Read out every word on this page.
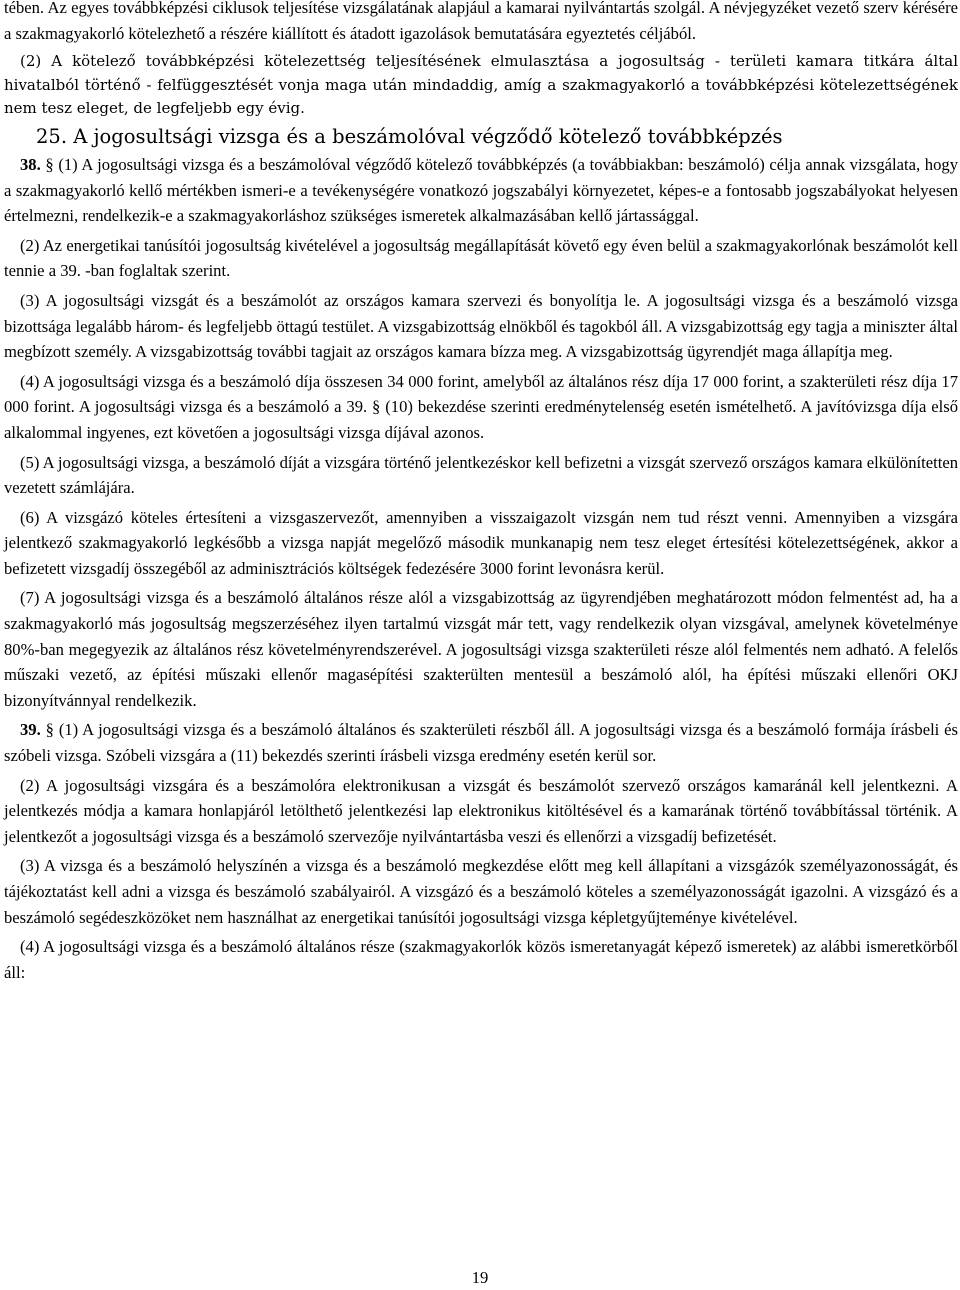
tében. Az egyes továbbképzési ciklusok teljesítése vizsgálatának alapjául a kamarai nyilvántartás szolgál. A névjegyzéket vezető szerv kérésére a szakmagyakorló kötelezhető a részére kiállított és átadott igazolások bemutatására egyeztetés céljából.

(2) A kötelező továbbképzési kötelezettség teljesítésének elmulasztása a jogosultság - területi kamara titkára által hivatalból történő - felfüggesztését vonja maga után mindaddig, amíg a szakmagyakorló a továbbképzési kötelezettségének nem tesz eleget, de legfeljebb egy évig.

25. A jogosultsági vizsga és a beszámolóval végződő kötelező továbbképzés

38. § (1) A jogosultsági vizsga és a beszámolóval végződő kötelező továbbképzés (a továbbiakban: beszámoló) célja annak vizsgálata, hogy a szakmagyakorló kellő mértékben ismeri-e a tevékenységére vonatkozó jogszabályi környezetet, képes-e a fontosabb jogszabályokat helyesen értelmezni, rendelkezik-e a szakmagyakorláshoz szükséges ismeretek alkalmazásában kellő jártassággal.

(2) Az energetikai tanúsítói jogosultság kivételével a jogosultság megállapítását követő egy éven belül a szakmagyakorlónak beszámolót kell tennie a 39. -ban foglaltak szerint.

(3) A jogosultsági vizsgát és a beszámolót az országos kamara szervezi és bonyolítja le. A jogosultsági vizsga és a beszámoló vizsga bizottsága legalább három- és legfeljebb öttagú testület. A vizsgabizottság elnökből és tagokból áll. A vizsgabizottság egy tagja a miniszter által megbízott személy. A vizsgabizottság további tagjait az országos kamara bízza meg. A vizsgabizottság ügyrendjét maga állapítja meg.

(4) A jogosultsági vizsga és a beszámoló díja összesen 34 000 forint, amelyből az általános rész díja 17 000 forint, a szakterületi rész díja 17 000 forint. A jogosultsági vizsga és a beszámoló a 39. § (10) bekezdése szerinti eredménytelenség esetén ismételhető. A javítóvizsga díja első alkalommal ingyenes, ezt követően a jogosultsági vizsga díjával azonos.

(5) A jogosultsági vizsga, a beszámoló díját a vizsgára történő jelentkezéskor kell befizetni a vizsgát szervező országos kamara elkülönítetten vezetett számlájára.

(6) A vizsgázó köteles értesíteni a vizsgaszervezőt, amennyiben a visszaigazolt vizsgán nem tud részt venni. Amennyiben a vizsgára jelentkező szakmagyakorló legkésőbb a vizsga napját megelőző második munkanapig nem tesz eleget értesítési kötelezettségének, akkor a befizetett vizsgadíj összegéből az adminisztrációs költségek fedezésére 3000 forint levonásra kerül.

(7) A jogosultsági vizsga és a beszámoló általános része alól a vizsgabizottság az ügyrendjében meghatározott módon felmentést ad, ha a szakmagyakorló más jogosultság megszerzéséhez ilyen tartalmú vizsgát már tett, vagy rendelkezik olyan vizsgával, amelynek követelménye 80%-ban megegyezik az általános rész követelményrendszerével. A jogosultsági vizsga szakterületi része alól felmentés nem adható. A felelős műszaki vezető, az építési műszaki ellenőr magasépítési szakterülten mentesül a beszámoló alól, ha építési műszaki ellenőri OKJ bizonyítvánnyal rendelkezik.

39. § (1) A jogosultsági vizsga és a beszámoló általános és szakterületi részből áll. A jogosultsági vizsga és a beszámoló formája írásbeli és szóbeli vizsga. Szóbeli vizsgára a (11) bekezdés szerinti írásbeli vizsga eredmény esetén kerül sor.

(2) A jogosultsági vizsgára és a beszámolóra elektronikusan a vizsgát és beszámolót szervező országos kamaránál kell jelentkezni. A jelentkezés módja a kamara honlapjáról letölthető jelentkezési lap elektronikus kitöltésével és a kamarának történő továbbítással történik. A jelentkezőt a jogosultsági vizsga és a beszámoló szervezője nyilvántartásba veszi és ellenőrzi a vizsgadíj befizetését.

(3) A vizsga és a beszámoló helyszínén a vizsga és a beszámoló megkezdése előtt meg kell állapítani a vizsgázók személyazonosságát, és tájékoztatást kell adni a vizsga és beszámoló szabályairól. A vizsgázó és a beszámoló köteles a személyazonosságát igazolni. A vizsgázó és a beszámoló segédeszközöket nem használhat az energetikai tanúsítói jogosultsági vizsga képletgyűjteménye kivételével.

(4) A jogosultsági vizsga és a beszámoló általános része (szakmagyakorlók közös ismeretanyagát képező ismeretek) az alábbi ismeretkörből áll:

19
